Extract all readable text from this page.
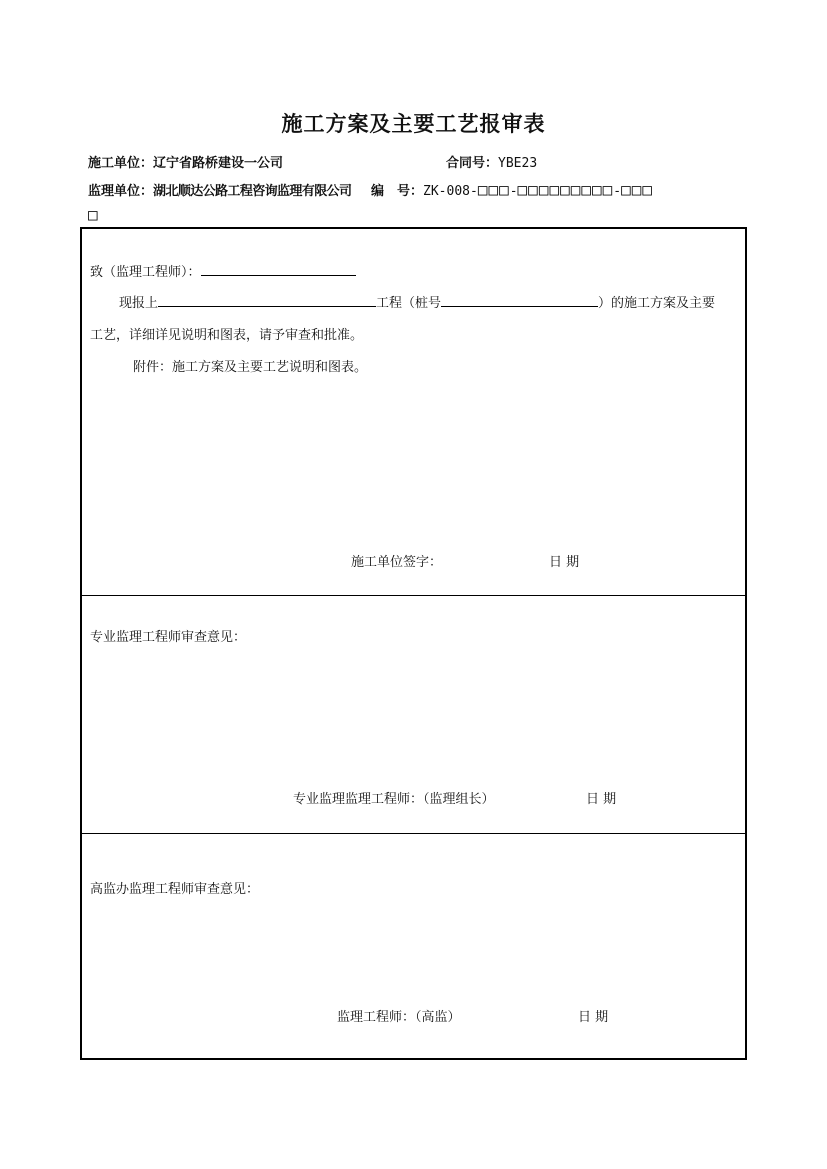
施工方案及主要工艺报审表
施工单位：辽宁省路桥建设一公司	合同号：YBE23
监理单位：湖北顺达公路工程咨询监理有限公司 编　号：ZK-008-□□□-□□□□□□□□□-□□□
□
致（监理工程师）：
现报上	工程（桩号	）的施工方案及主要
工艺，详细详见说明和图表，请予审查和批准。
附件：施工方案及主要工艺说明和图表。
施工单位签字：	日 期
专业监理工程师审查意见：
专业监理监理工程师：（监理组长）	日 期
高监办监理工程师审查意见：
监理工程师：（高监）	日 期
